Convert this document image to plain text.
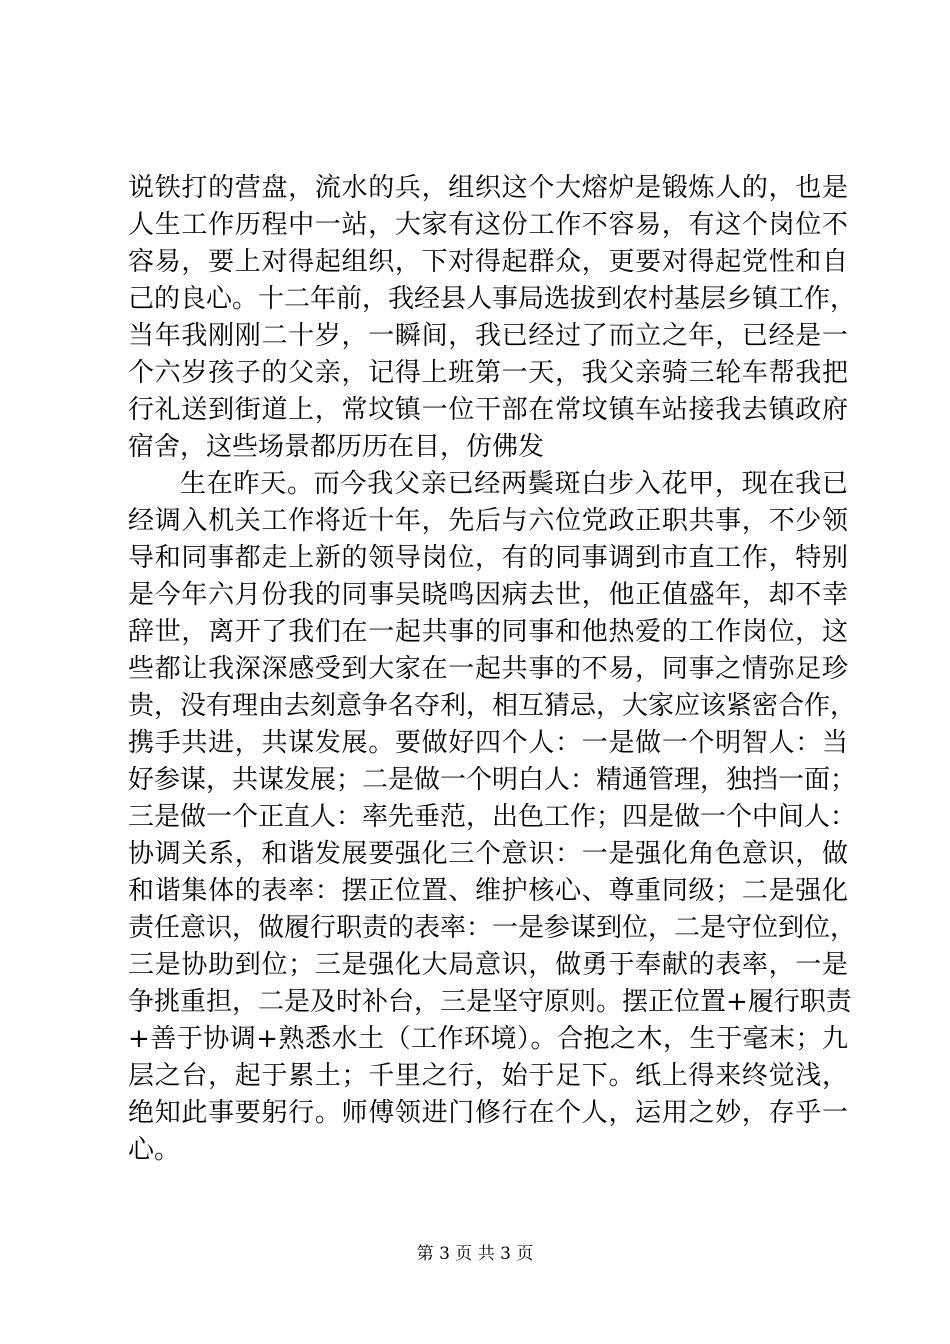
说铁打的营盘，流水的兵，组织这个大熔炉是锻炼人的，也是
人生工作历程中一站，大家有这份工作不容易，有这个岗位不
容易，要上对得起组织，下对得起群众，更要对得起党性和自
己的良心。十二年前，我经县人事局选拔到农村基层乡镇工作，
当年我刚刚二十岁，一瞬间，我已经过了而立之年，已经是一
个六岁孩子的父亲，记得上班第一天，我父亲骑三轮车帮我把
行礼送到街道上，常坟镇一位干部在常坟镇车站接我去镇政府
宿舍，这些场景都历历在目，仿佛发
生在昨天。而今我父亲已经两鬓斑白步入花甲，现在我已
经调入机关工作将近十年，先后与六位党政正职共事，不少领
导和同事都走上新的领导岗位，有的同事调到市直工作，特别
是今年六月份我的同事吴晓鸣因病去世，他正值盛年，却不幸
辞世，离开了我们在一起共事的同事和他热爱的工作岗位，这
些都让我深深感受到大家在一起共事的不易，同事之情弥足珍
贵，没有理由去刻意争名夺利，相互猜忌，大家应该紧密合作，
携手共进，共谋发展。要做好四个人：一是做一个明智人：当
好参谋，共谋发展；二是做一个明白人：精通管理，独挡一面；
三是做一个正直人：率先垂范，出色工作；四是做一个中间人：
协调关系，和谐发展要强化三个意识：一是强化角色意识，做
和谐集体的表率：摆正位置、维护核心、尊重同级；二是强化
责任意识，做履行职责的表率：一是参谋到位，二是守位到位，
三是协助到位；三是强化大局意识，做勇于奉献的表率，一是
争挑重担，二是及时补台，三是坚守原则。摆正位置+履行职责
+善于协调+熟悉水土（工作环境）。合抱之木，生于毫末；九
层之台，起于累土；千里之行，始于足下。纸上得来终觉浅，
绝知此事要躬行。师傅领进门修行在个人，运用之妙，存乎一
心。
第 3 页 共 3 页
